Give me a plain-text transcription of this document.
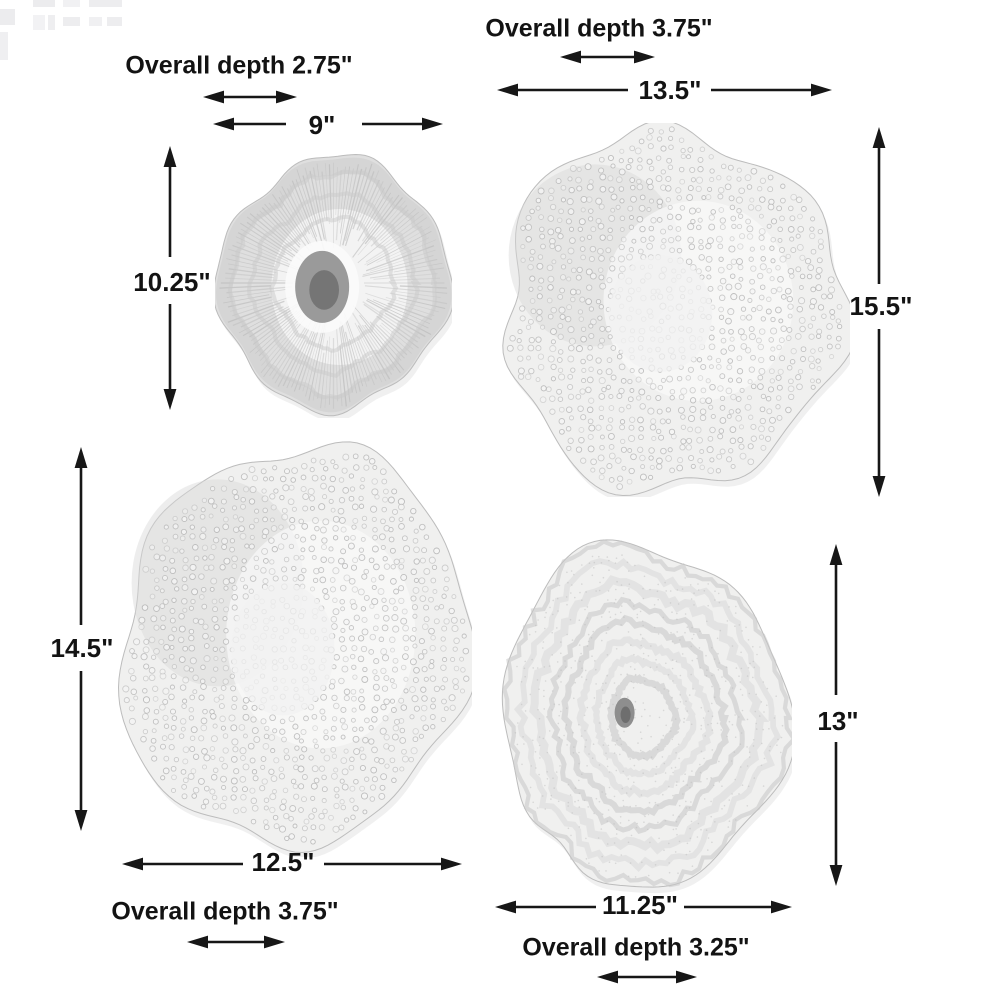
Overall depth 2.75"
9"
10.25"
Overall depth 3.75"
13.5"
15.5"
14.5"
12.5"
Overall depth 3.75"
13"
11.25"
Overall depth 3.25"
